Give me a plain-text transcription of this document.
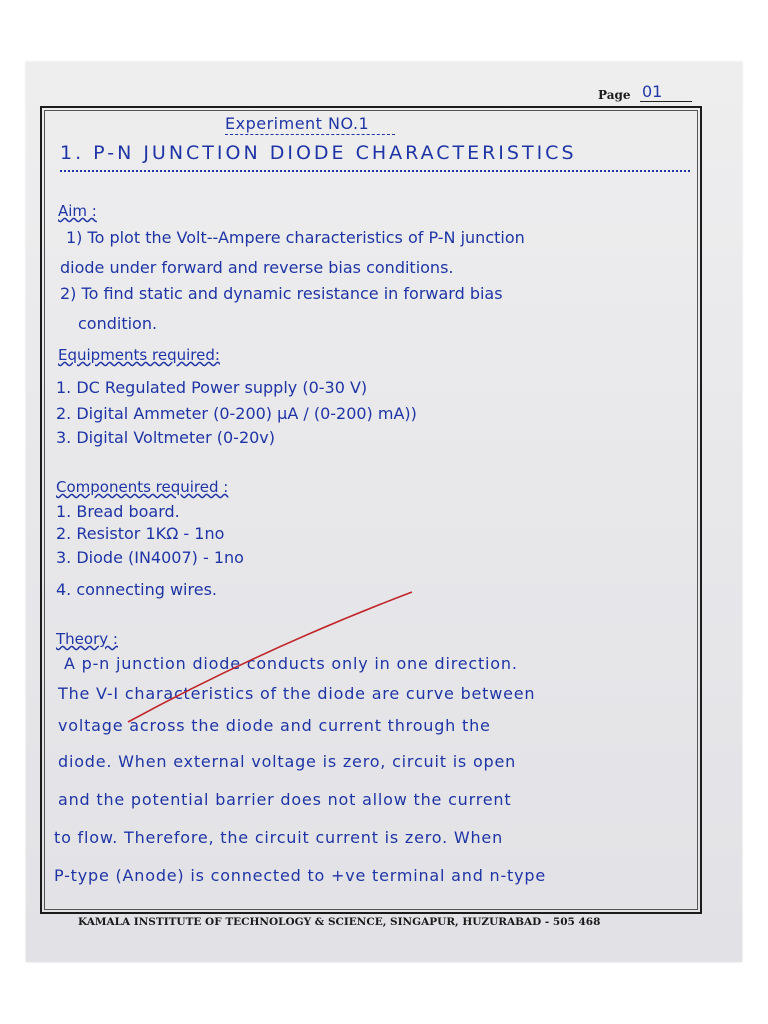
Page 01
Experiment NO.1
1. P-N JUNCTION DIODE CHARACTERISTICS
Aim :
1) To plot the Volt--Ampere characteristics of P-N junction
diode under forward and reverse bias conditions.
2) To find static and dynamic resistance in forward bias
condition.
Equipments required:
1. DC Regulated Power supply (0-30 V)
2. Digital Ammeter (0-200) µA / (0-200) mA))
3. Digital Voltmeter (0-20v)
Components required :
1. Bread board.
2. Resistor 1KΩ - 1no
3. Diode (IN4007) - 1no
4. connecting wires.
Theory :
A p-n junction diode conducts only in one direction.
The V-I characteristics of the diode are curve between
voltage across the diode and current through the
diode. When external voltage is zero, circuit is open
and the potential barrier does not allow the current
to flow. Therefore, the circuit current is zero. When
P-type (Anode) is connected to +ve terminal and n-type
KAMALA INSTITUTE OF TECHNOLOGY & SCIENCE, SINGAPUR, HUZURABAD - 505 468
